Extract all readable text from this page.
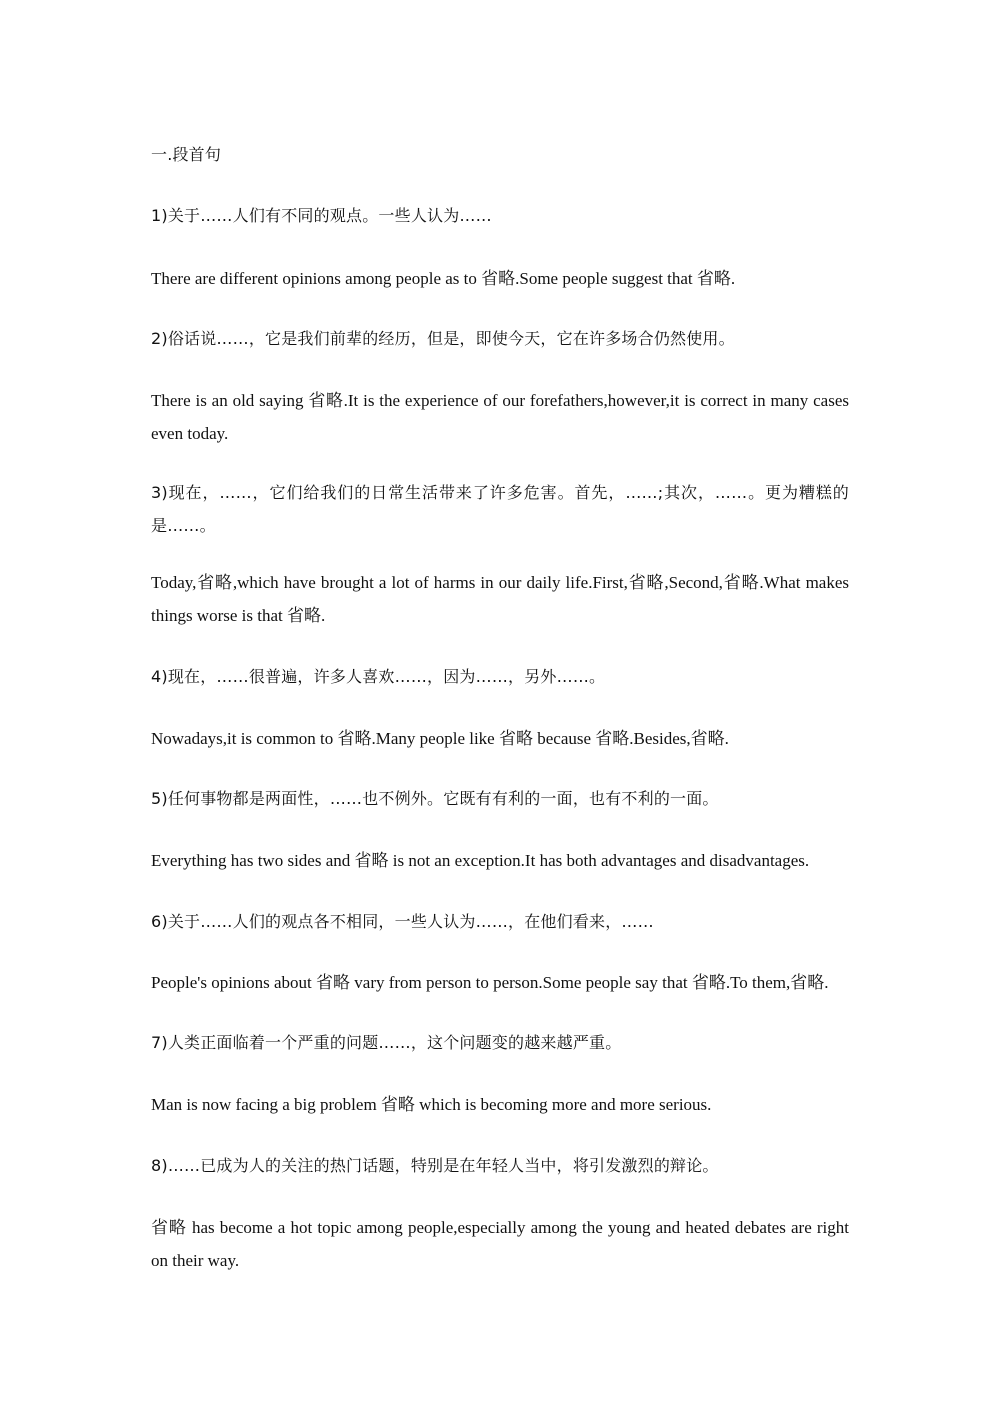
一.段首句

1)关于……人们有不同的观点。一些人认为……

There are different opinions among people as to 省略.Some people suggest that 省略.

2)俗话说……，它是我们前辈的经历，但是，即使今天，它在许多场合仍然使用。

There is an old saying 省略.It is the experience of our forefathers,however,it is correct in many cases even today.

3)现在，……，它们给我们的日常生活带来了许多危害。首先，……;其次，……。更为糟糕的是……。

Today,省略,which have brought a lot of harms in our daily life.First,省略,Second,省略.What makes things worse is that 省略.

4)现在，……很普遍，许多人喜欢……，因为……，另外……。

Nowadays,it is common to 省略.Many people like 省略 because 省略.Besides,省略.

5)任何事物都是两面性，……也不例外。它既有有利的一面，也有不利的一面。

Everything has two sides and 省略 is not an exception.It has both advantages and disadvantages.

6)关于……人们的观点各不相同，一些人认为……，在他们看来，……

People's opinions about 省略 vary from person to person.Some people say that 省略.To them,省略.

7)人类正面临着一个严重的问题……，这个问题变的越来越严重。

Man is now facing a big problem 省略 which is becoming more and more serious.

8)……已成为人的关注的热门话题，特别是在年轻人当中，将引发激烈的辩论。

省略 has become a hot topic among people,especially among the young and heated debates are right on their way.
